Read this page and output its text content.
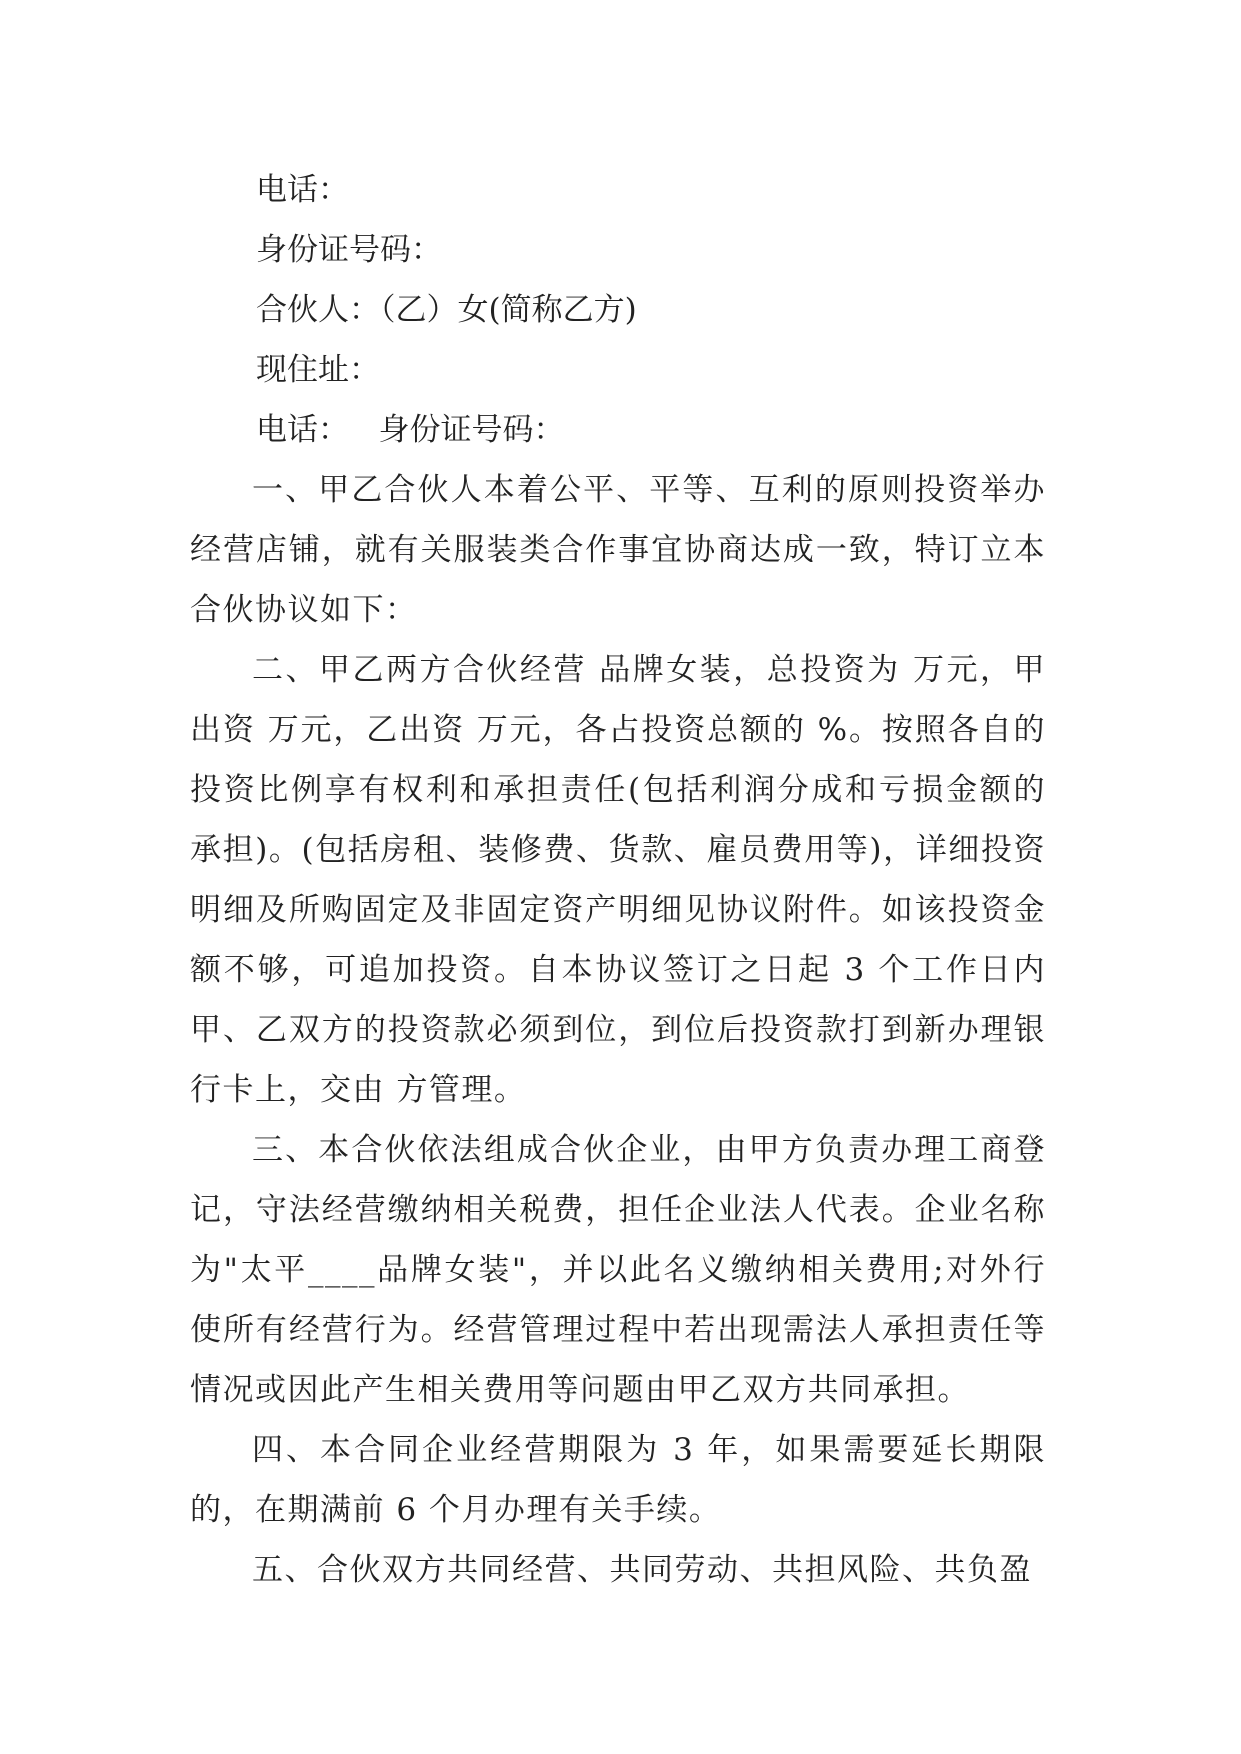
电话：

身份证号码：

合伙人：（乙）女(简称乙方)

现住址：

电话：   身份证号码：

一、甲乙合伙人本着公平、平等、互利的原则投资举办经营店铺，就有关服装类合作事宜协商达成一致，特订立本合伙协议如下：

二、甲乙两方合伙经营 品牌女装，总投资为 万元，甲出资 万元，乙出资 万元，各占投资总额的 %。按照各自的投资比例享有权利和承担责任(包括利润分成和亏损金额的承担)。(包括房租、装修费、货款、雇员费用等)，详细投资明细及所购固定及非固定资产明细见协议附件。如该投资金额不够，可追加投资。自本协议签订之日起 3 个工作日内甲、乙双方的投资款必须到位，到位后投资款打到新办理银行卡上，交由 方管理。

三、本合伙依法组成合伙企业，由甲方负责办理工商登记，守法经营缴纳相关税费，担任企业法人代表。企业名称为"太平____品牌女装"，并以此名义缴纳相关费用;对外行使所有经营行为。经营管理过程中若出现需法人承担责任等情况或因此产生相关费用等问题由甲乙双方共同承担。

四、本合同企业经营期限为 3 年，如果需要延长期限的，在期满前 6 个月办理有关手续。

五、合伙双方共同经营、共同劳动、共担风险、共负盈
